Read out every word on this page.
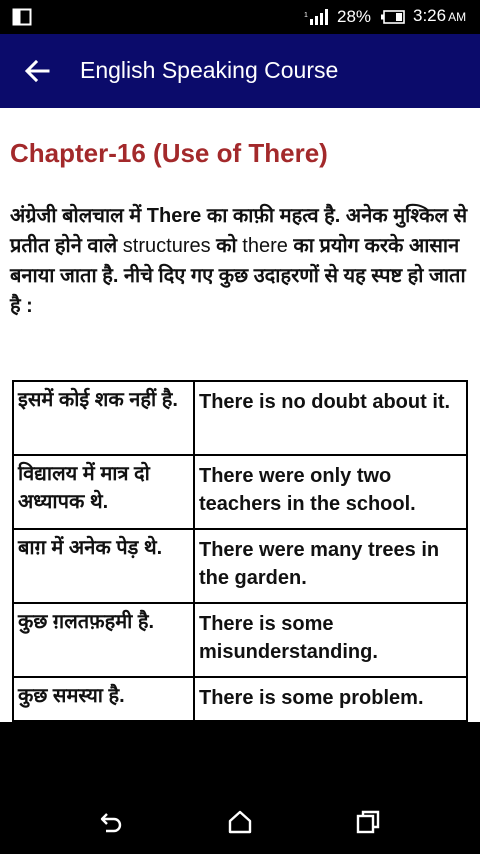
1 28% 3:26 AM
English Speaking Course
Chapter-16 (Use of There)

अंग्रेजी बोलचाल में There का काफ़ी महत्व है. अनेक मुश्किल से प्रतीत होने वाले structures को there का प्रयोग करके आसान बनाया जाता है. नीचे दिए गए कुछ उदाहरणों से यह स्पष्ट हो जाता है :

इसमें कोई शक नहीं है.	There is no doubt about it.
विद्यालय में मात्र दो अध्यापक थे.	There were only two teachers in the school.
बाग़ में अनेक पेड़ थे.	There were many trees in the garden.
कुछ ग़लतफ़हमी है.	There is some misunderstanding.
कुछ समस्या है.	There is some problem.
